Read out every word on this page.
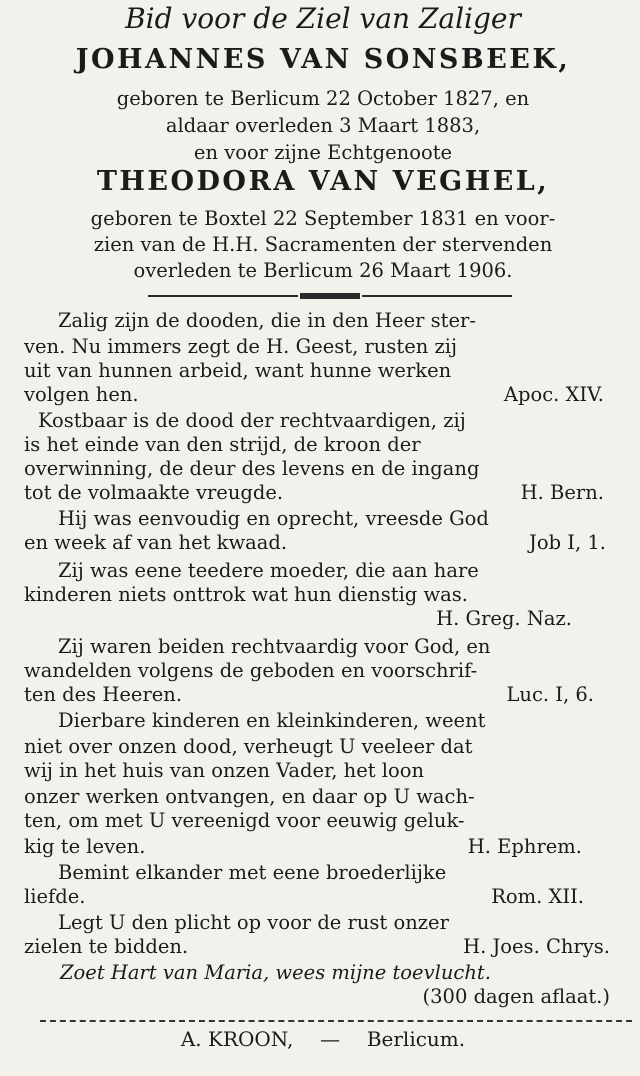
Bid voor de Ziel van Zaliger
JOHANNES VAN SONSBEEK,
geboren te Berlicum 22 October 1827, en
aldaar overleden 3 Maart 1883,
en voor zijne Echtgenoote
THEODORA VAN VEGHEL,
geboren te Boxtel 22 September 1831 en voor-
zien van de H.H. Sacramenten der stervenden
overleden te Berlicum 26 Maart 1906.
Zalig zijn de dooden, die in den Heer ster-
ven. Nu immers zegt de H. Geest, rusten zij
uit van hunnen arbeid, want hunne werken
volgen hen.	Apoc. XIV.
Kostbaar is de dood der rechtvaardigen, zij
is het einde van den strijd, de kroon der
overwinning, de deur des levens en de ingang
tot de volmaakte vreugde.	H. Bern.
Hij was eenvoudig en oprecht, vreesde God
en week af van het kwaad.	Job I, 1.
Zij was eene teedere moeder, die aan hare
kinderen niets onttrok wat hun dienstig was.
H. Greg. Naz.
Zij waren beiden rechtvaardig voor God, en
wandelden volgens de geboden en voorschrif-
ten des Heeren.	Luc. I, 6.
Dierbare kinderen en kleinkinderen, weent
niet over onzen dood, verheugt U veeleer dat
wij in het huis van onzen Vader, het loon
onzer werken ontvangen, en daar op U wach-
ten, om met U vereenigd voor eeuwig geluk-
kig te leven.	H. Ephrem.
Bemint elkander met eene broederlijke
liefde.	Rom. XII.
Legt U den plicht op voor de rust onzer
zielen te bidden.	H. Joes. Chrys.
Zoet Hart van Maria, wees mijne toevlucht.
(300 dagen aflaat.)
A. KROON, — Berlicum.
